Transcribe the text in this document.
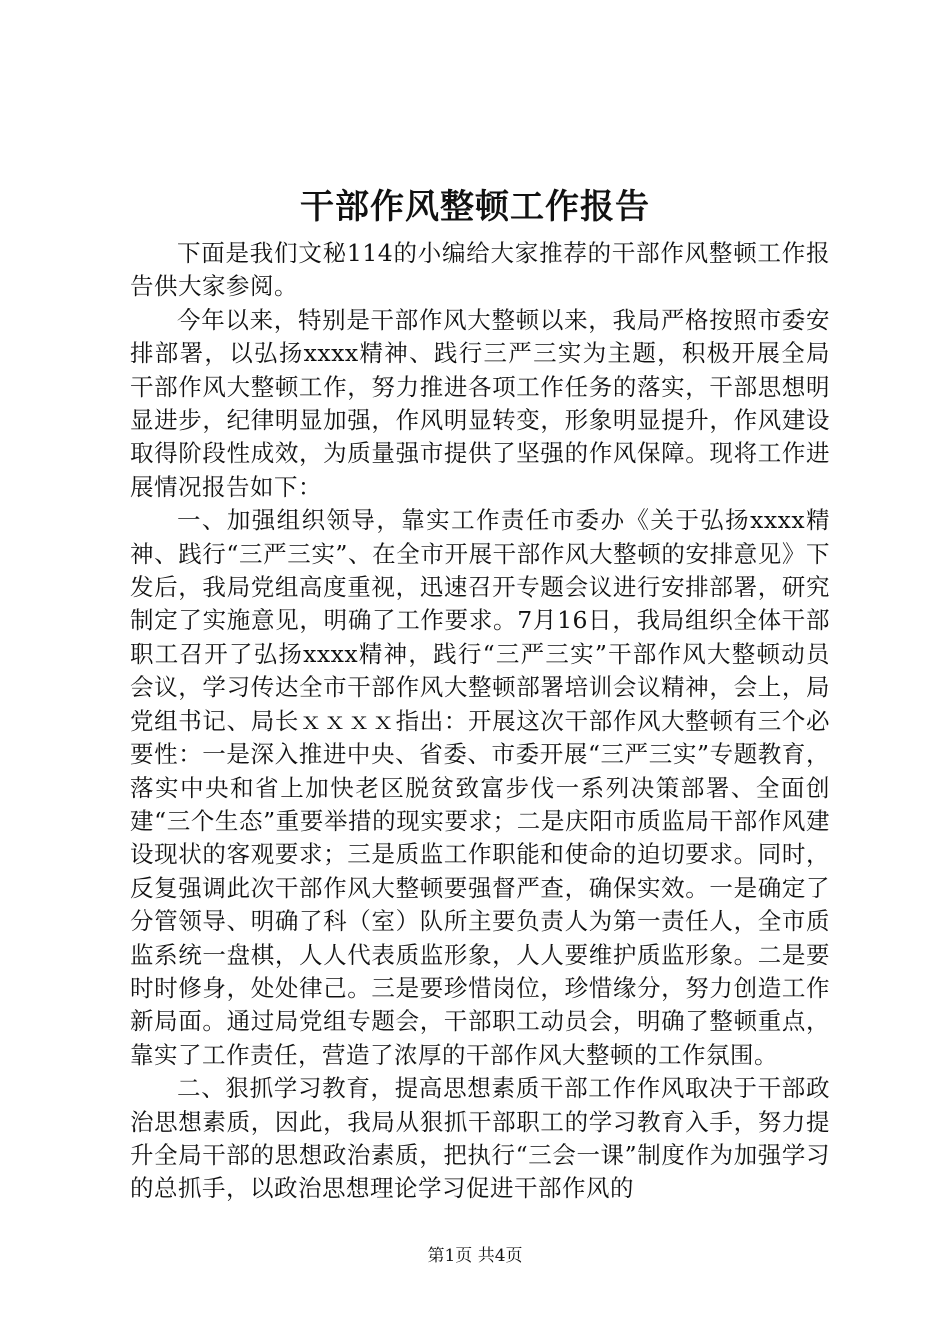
干部作风整顿工作报告

下面是我们文秘114的小编给大家推荐的干部作风整顿工作报告供大家参阅。

今年以来，特别是干部作风大整顿以来，我局严格按照市委安排部署，以弘扬xxxx精神、践行三严三实为主题，积极开展全局干部作风大整顿工作，努力推进各项工作任务的落实，干部思想明显进步，纪律明显加强，作风明显转变，形象明显提升，作风建设取得阶段性成效，为质量强市提供了坚强的作风保障。现将工作进展情况报告如下：

一、加强组织领导，靠实工作责任市委办《关于弘扬xxxx精神、践行“三严三实”、在全市开展干部作风大整顿的安排意见》下发后，我局党组高度重视，迅速召开专题会议进行安排部署，研究制定了实施意见，明确了工作要求。7月16日，我局组织全体干部职工召开了弘扬xxxx精神，践行“三严三实”干部作风大整顿动员会议，学习传达全市干部作风大整顿部署培训会议精神，会上，局党组书记、局长ｘｘｘｘ指出：开展这次干部作风大整顿有三个必要性：一是深入推进中央、省委、市委开展“三严三实”专题教育，落实中央和省上加快老区脱贫致富步伐一系列决策部署、全面创建“三个生态”重要举措的现实要求；二是庆阳市质监局干部作风建设现状的客观要求；三是质监工作职能和使命的迫切要求。同时，反复强调此次干部作风大整顿要强督严查，确保实效。一是确定了分管领导、明确了科（室）队所主要负责人为第一责任人，全市质监系统一盘棋，人人代表质监形象，人人要维护质监形象。二是要时时修身，处处律己。三是要珍惜岗位，珍惜缘分，努力创造工作新局面。通过局党组专题会，干部职工动员会，明确了整顿重点，靠实了工作责任，营造了浓厚的干部作风大整顿的工作氛围。

二、狠抓学习教育，提高思想素质干部工作作风取决于干部政治思想素质，因此，我局从狠抓干部职工的学习教育入手，努力提升全局干部的思想政治素质，把执行“三会一课”制度作为加强学习的总抓手，以政治思想理论学习促进干部作风的

第1页 共4页
